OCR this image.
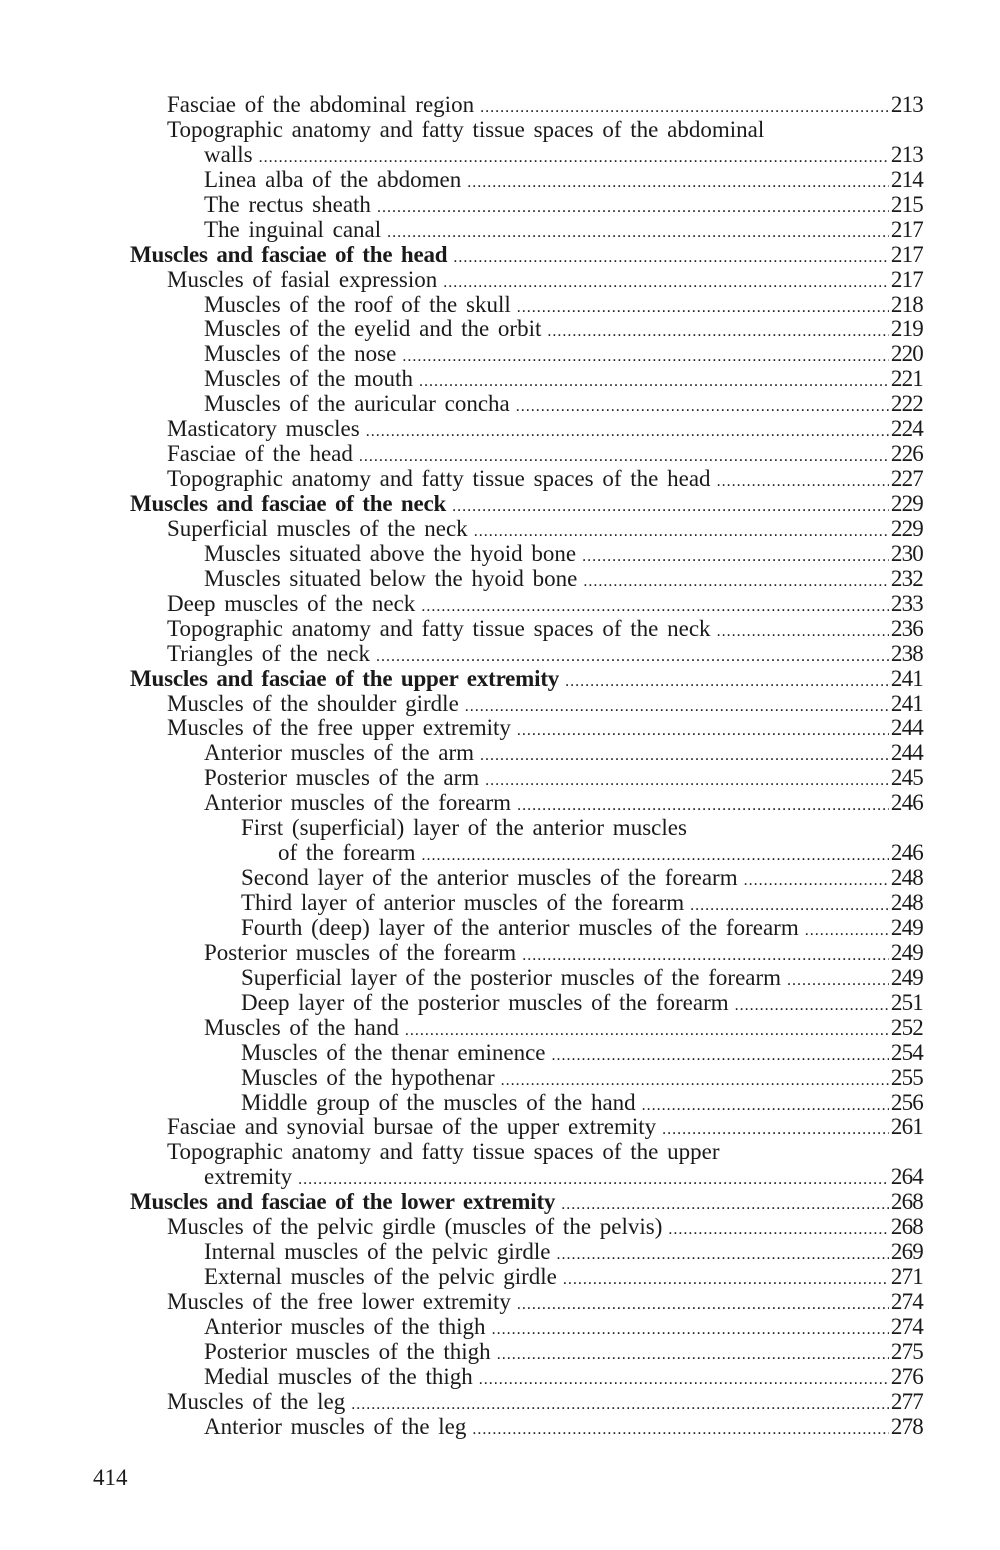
Fasciae of the abdominal region .....	213
Topographic anatomy and fatty tissue spaces of the abdominal
walls .....	213
Linea alba of the abdomen .....	214
The rectus sheath .....	215
The inguinal canal .....	217
Muscles and fasciae of the head .....	217
Muscles of fasial expression .....	217
Muscles of the roof of the skull .....	218
Muscles of the eyelid and the orbit .....	219
Muscles of the nose .....	220
Muscles of the mouth .....	221
Muscles of the auricular concha .....	222
Masticatory muscles .....	224
Fasciae of the head .....	226
Topographic anatomy and fatty tissue spaces of the head .....	227
Muscles and fasciae of the neck .....	229
Superficial muscles of the neck .....	229
Muscles situated above the hyoid bone .....	230
Muscles situated below the hyoid bone .....	232
Deep muscles of the neck .....	233
Topographic anatomy and fatty tissue spaces of the neck .....	236
Triangles of the neck .....	238
Muscles and fasciae of the upper extremity .....	241
Muscles of the shoulder girdle .....	241
Muscles of the free upper extremity .....	244
Anterior muscles of the arm .....	244
Posterior muscles of the arm .....	245
Anterior muscles of the forearm .....	246
First (superficial) layer of the anterior muscles
of the forearm .....	246
Second layer of the anterior muscles of the forearm .....	248
Third layer of anterior muscles of the forearm .....	248
Fourth (deep) layer of the anterior muscles of the forearm .....	249
Posterior muscles of the forearm .....	249
Superficial layer of the posterior muscles of the forearm .....	249
Deep layer of the posterior muscles of the forearm .....	251
Muscles of the hand .....	252
Muscles of the thenar eminence .....	254
Muscles of the hypothenar .....	255
Middle group of the muscles of the hand .....	256
Fasciae and synovial bursae of the upper extremity .....	261
Topographic anatomy and fatty tissue spaces of the upper
extremity .....	264
Muscles and fasciae of the lower extremity .....	268
Muscles of the pelvic girdle (muscles of the pelvis) .....	268
Internal muscles of the pelvic girdle .....	269
External muscles of the pelvic girdle .....	271
Muscles of the free lower extremity .....	274
Anterior muscles of the thigh .....	274
Posterior muscles of the thigh .....	275
Medial muscles of the thigh .....	276
Muscles of the leg .....	277
Anterior muscles of the leg .....	278
414
